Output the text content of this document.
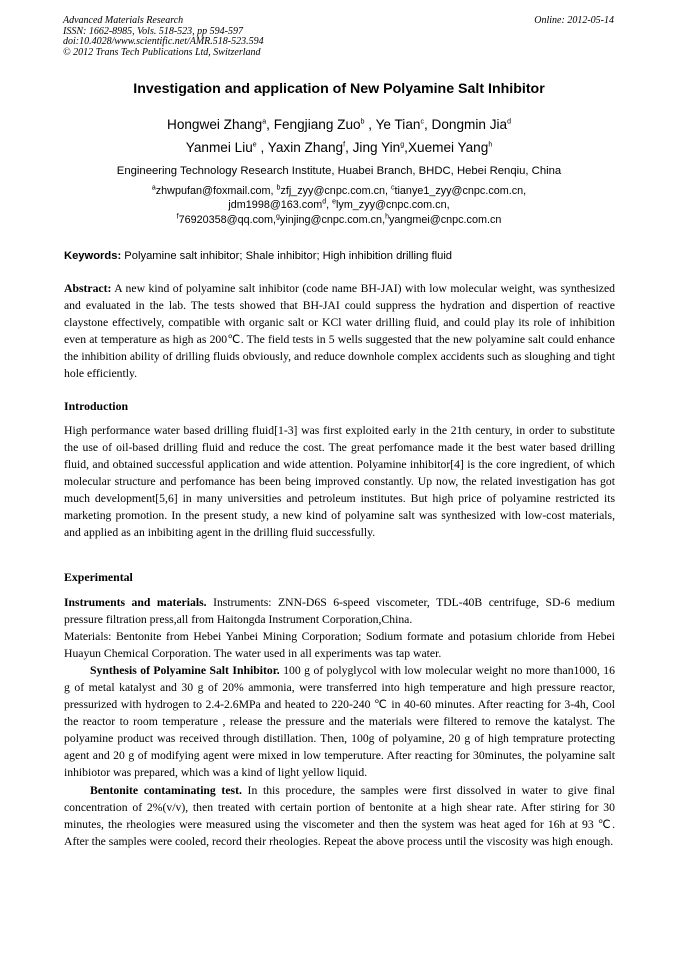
Advanced Materials Research
ISSN: 1662-8985, Vols. 518-523, pp 594-597
doi:10.4028/www.scientific.net/AMR.518-523.594
© 2012 Trans Tech Publications Ltd, Switzerland
Online: 2012-05-14
Investigation and application of New Polyamine Salt Inhibitor
Hongwei Zhang$^a$, Fengjiang Zuo$^b$ , Ye Tian$^c$, Dongmin Jia$^d$
Yanmei Liu$^e$ , Yaxin Zhang$^f$, Jing Yin$^g$,Xuemei Yang$^h$
Engineering Technology Research Institute, Huabei Branch, BHDC, Hebei Renqiu, China
$^a$zhwpufan@foxmail.com, $^b$zfj_zyy@cnpc.com.cn, $^c$tianye1_zyy@cnpc.com.cn,
jdm1998@163.com$^d$, $^e$lym_zyy@cnpc.com.cn,
$^f$76920358@qq.com,$^g$yinjing@cnpc.com.cn,$^h$yangmei@cnpc.com.cn
Keywords: Polyamine salt inhibitor; Shale inhibitor; High inhibition drilling fluid

Abstract: A new kind of polyamine salt inhibitor (code name BH-JAI) with low molecular weight, was synthesized and evaluated in the lab. The tests showed that BH-JAI could suppress the hydration and dispertion of reactive claystone effectively, compatible with organic salt or KCl water drilling fluid, and could play its role of inhibition even at temperature as high as 200℃. The field tests in 5 wells suggested that the new polyamine salt could enhance the inhibition ability of drilling fluids obviously, and reduce downhole complex accidents such as sloughing and tight hole efficiently.

Introduction

High performance water based drilling fluid[1-3] was first exploited early in the 21th century, in order to substitute the use of oil-based drilling fluid and reduce the cost. The great perfomance made it the best water based drilling fluid, and obtained successful application and wide attention. Polyamine inhibitor[4] is the core ingredient, of which molecular structure and perfomance has been being improved constantly. Up now, the related investigation has got much development[5,6] in many universities and petroleum institutes. But high price of polyamine restricted its marketing promotion. In the present study, a new kind of polyamine salt was synthesized with low-cost materials, and applied as an inbibiting agent in the drilling fluid successfully.

Experimental

Instruments and materials. Instruments: ZNN-D6S 6-speed viscometer, TDL-40B centrifuge, SD-6 medium pressure filtration press,all from Haitongda Instrument Corporation,China.

Materials: Bentonite from Hebei Yanbei Mining Corporation; Sodium formate and potasium chloride from Hebei Huayun Chemical Corporation. The water used in all experiments was tap water.

Synthesis of Polyamine Salt Inhibitor. 100 g of polyglycol with low molecular weight no more than1000, 16 g of metal katalyst and 30 g of 20% ammonia, were transferred into high temperature and high pressure reactor, pressurized with hydrogen to 2.4-2.6MPa and heated to 220-240 ℃ in 40-60 minutes. After reacting for 3-4h, Cool the reactor to room temperature , release the pressure and the materials were filtered to remove the katalyst. The polyamine product was received through distillation. Then, 100g of polyamine, 20 g of high temprature protecting agent and 20 g of modifying agent were mixed in low temperuture. After reacting for 30minutes, the polyamine salt inhibiotor was prepared, which was a kind of light yellow liquid.

Bentonite contaminating test. In this procedure, the samples were first dissolved in water to give final concentration of 2%(v/v), then treated with certain portion of bentonite at a high shear rate. After stiring for 30 minutes, the rheologies were measured using the viscometer and then the system was heat aged for 16h at 93 ℃. After the samples were cooled, record their rheologies. Repeat the above process until the viscosity was high enough.
